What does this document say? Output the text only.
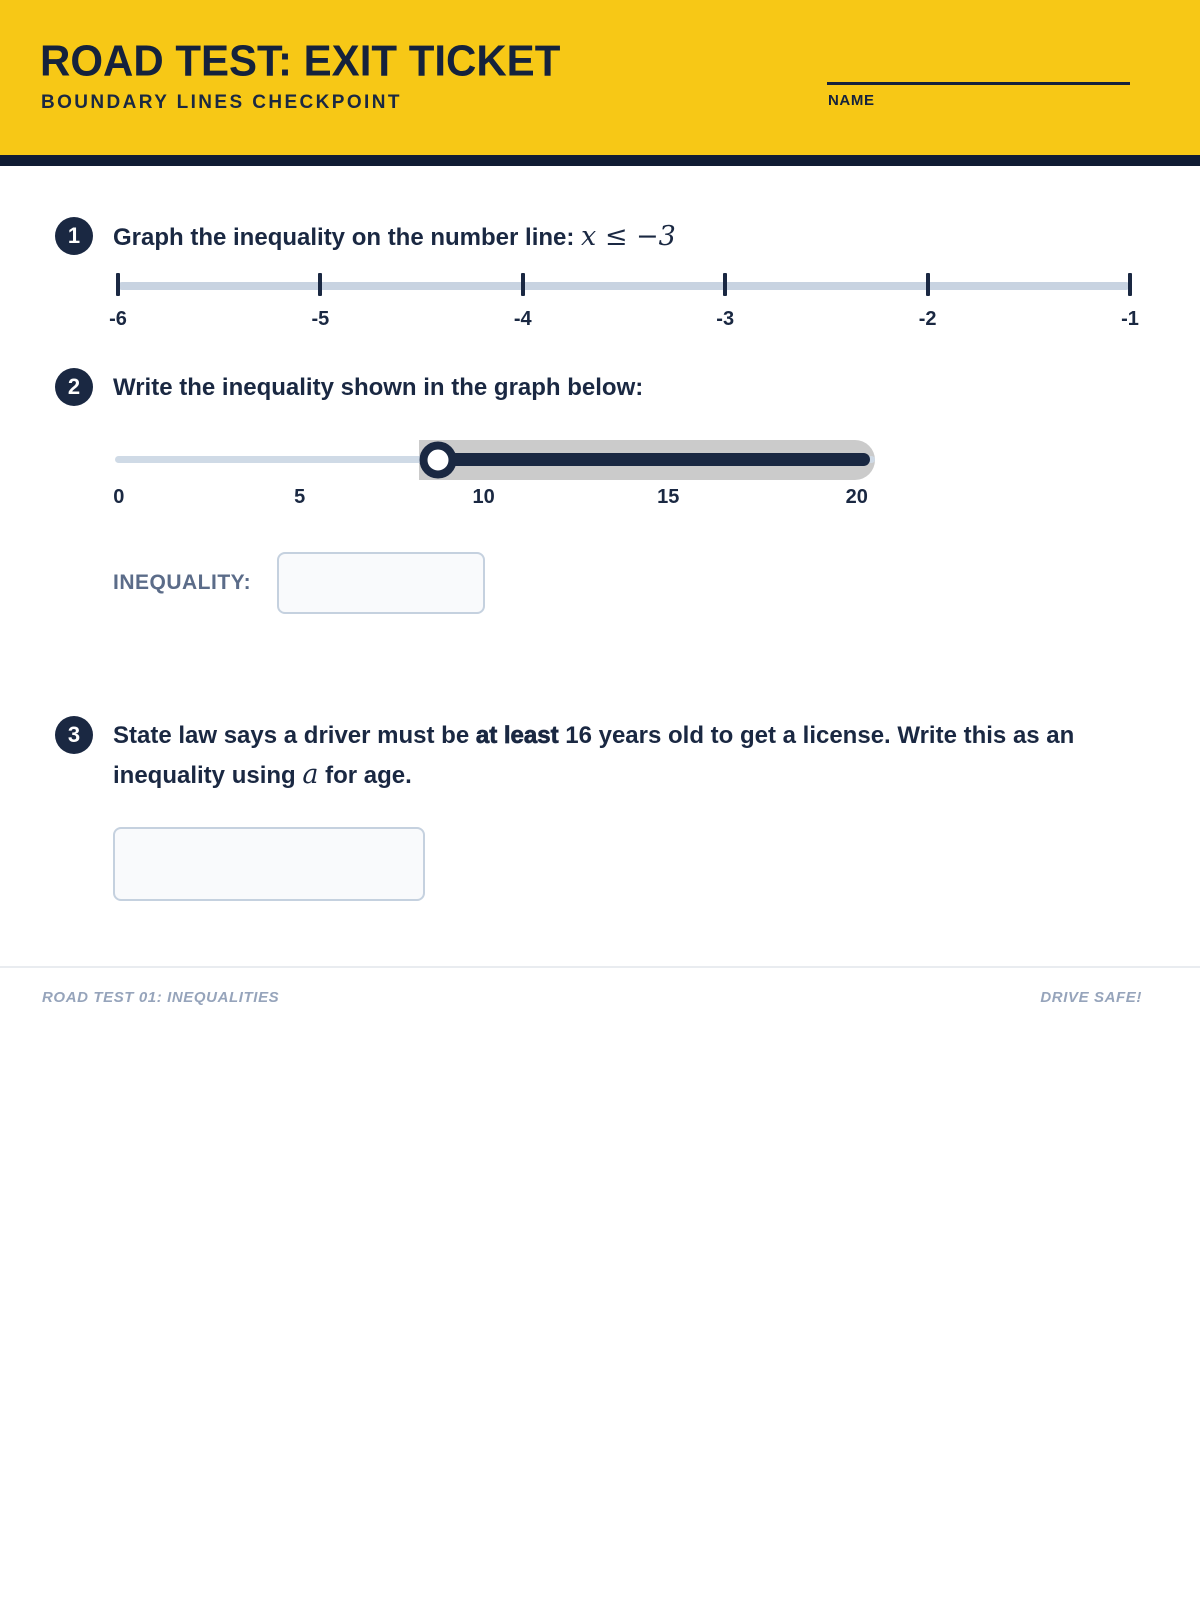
ROAD TEST: EXIT TICKET
BOUNDARY LINES CHECKPOINT	NAME
1	Graph the inequality on the number line: x ≤ −3
-6	-5	-4	-3	-2	-1
2	Write the inequality shown in the graph below:
0	5	10	15	20
INEQUALITY:
3	State law says a driver must be at least 16 years old to get a license. Write this as an inequality using a for age.
ROAD TEST 01: INEQUALITIES	DRIVE SAFE!
